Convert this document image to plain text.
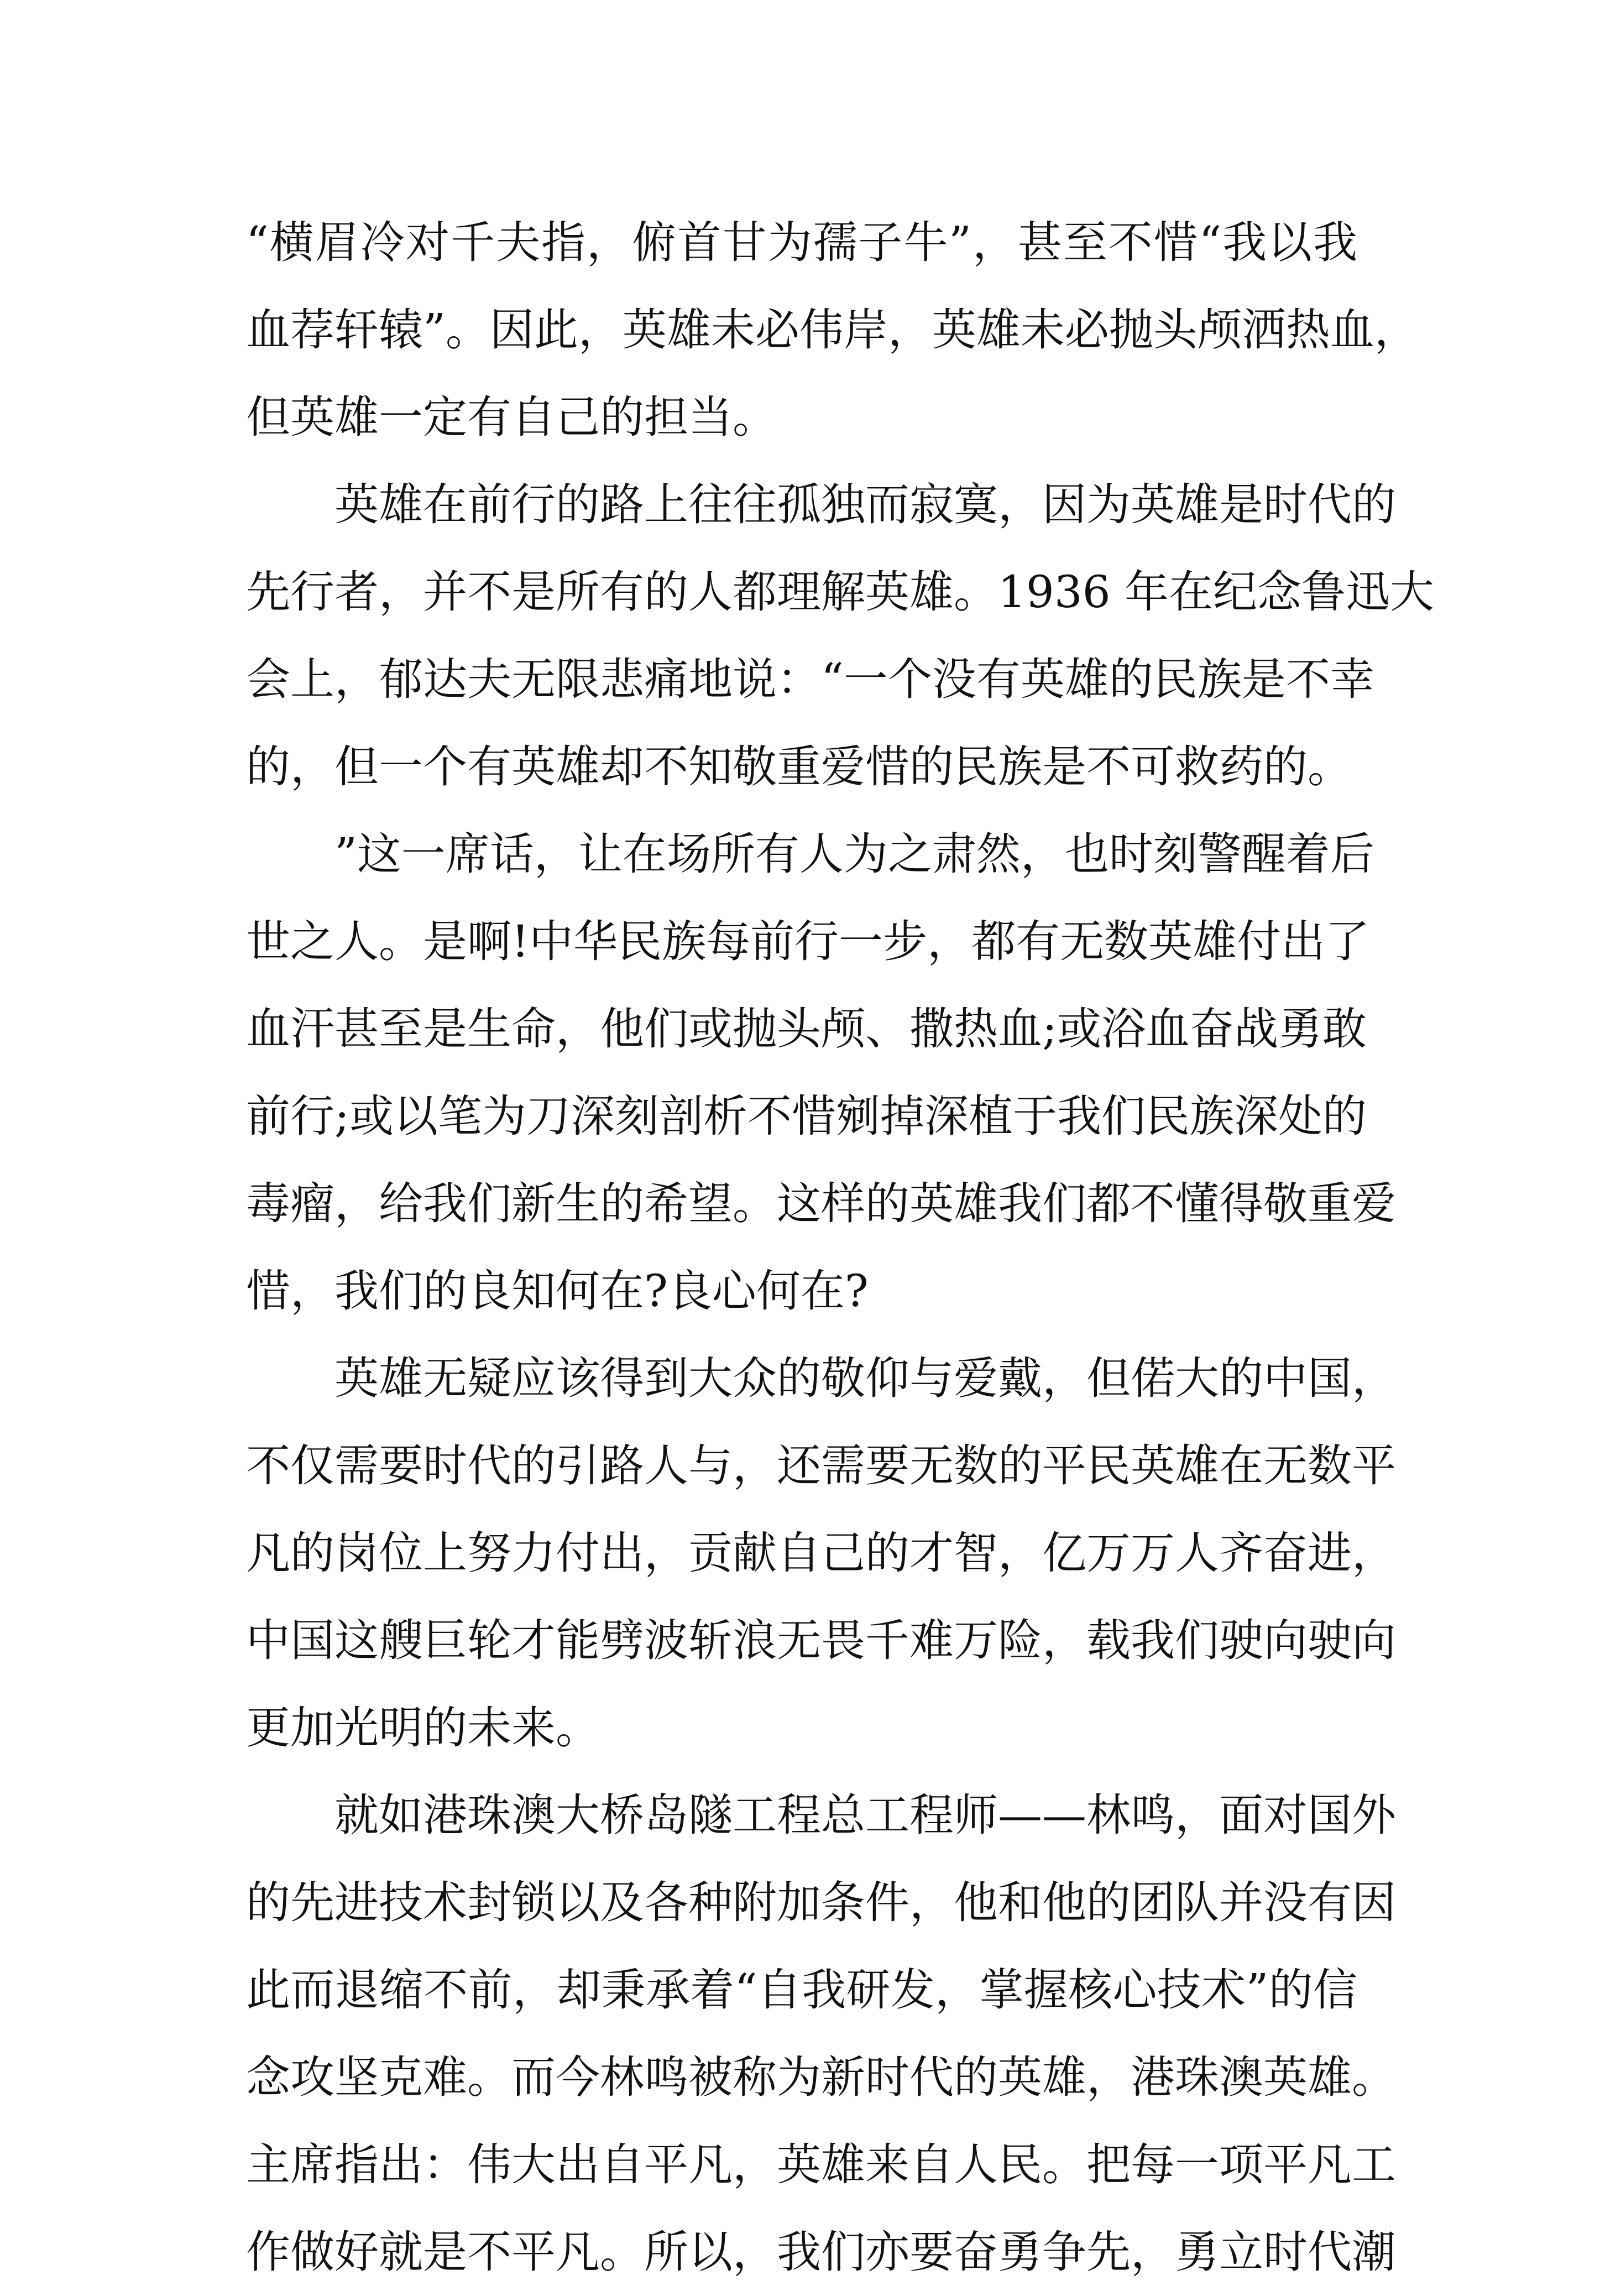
“横眉冷对千夫指，俯首甘为孺子牛”，甚至不惜“我以我
血荐轩辕”。因此，英雄未必伟岸，英雄未必抛头颅洒热血，
但英雄一定有自己的担当。
英雄在前行的路上往往孤独而寂寞，因为英雄是时代的
先行者，并不是所有的人都理解英雄。1936 年在纪念鲁迅大
会上，郁达夫无限悲痛地说：“一个没有英雄的民族是不幸
的，但一个有英雄却不知敬重爱惜的民族是不可救药的。
”这一席话，让在场所有人为之肃然，也时刻警醒着后
世之人。是啊!中华民族每前行一步，都有无数英雄付出了
血汗甚至是生命，他们或抛头颅、撒热血;或浴血奋战勇敢
前行;或以笔为刀深刻剖析不惜剜掉深植于我们民族深处的
毒瘤，给我们新生的希望。这样的英雄我们都不懂得敬重爱
惜，我们的良知何在?良心何在?
英雄无疑应该得到大众的敬仰与爱戴，但偌大的中国，
不仅需要时代的引路人与，还需要无数的平民英雄在无数平
凡的岗位上努力付出，贡献自己的才智，亿万万人齐奋进，
中国这艘巨轮才能劈波斩浪无畏千难万险，载我们驶向驶向
更加光明的未来。
就如港珠澳大桥岛隧工程总工程师——林鸣，面对国外
的先进技术封锁以及各种附加条件，他和他的团队并没有因
此而退缩不前，却秉承着“自我研发，掌握核心技术”的信
念攻坚克难。而今林鸣被称为新时代的英雄，港珠澳英雄。
主席指出：伟大出自平凡，英雄来自人民。把每一项平凡工
作做好就是不平凡。所以，我们亦要奋勇争先，勇立时代潮
